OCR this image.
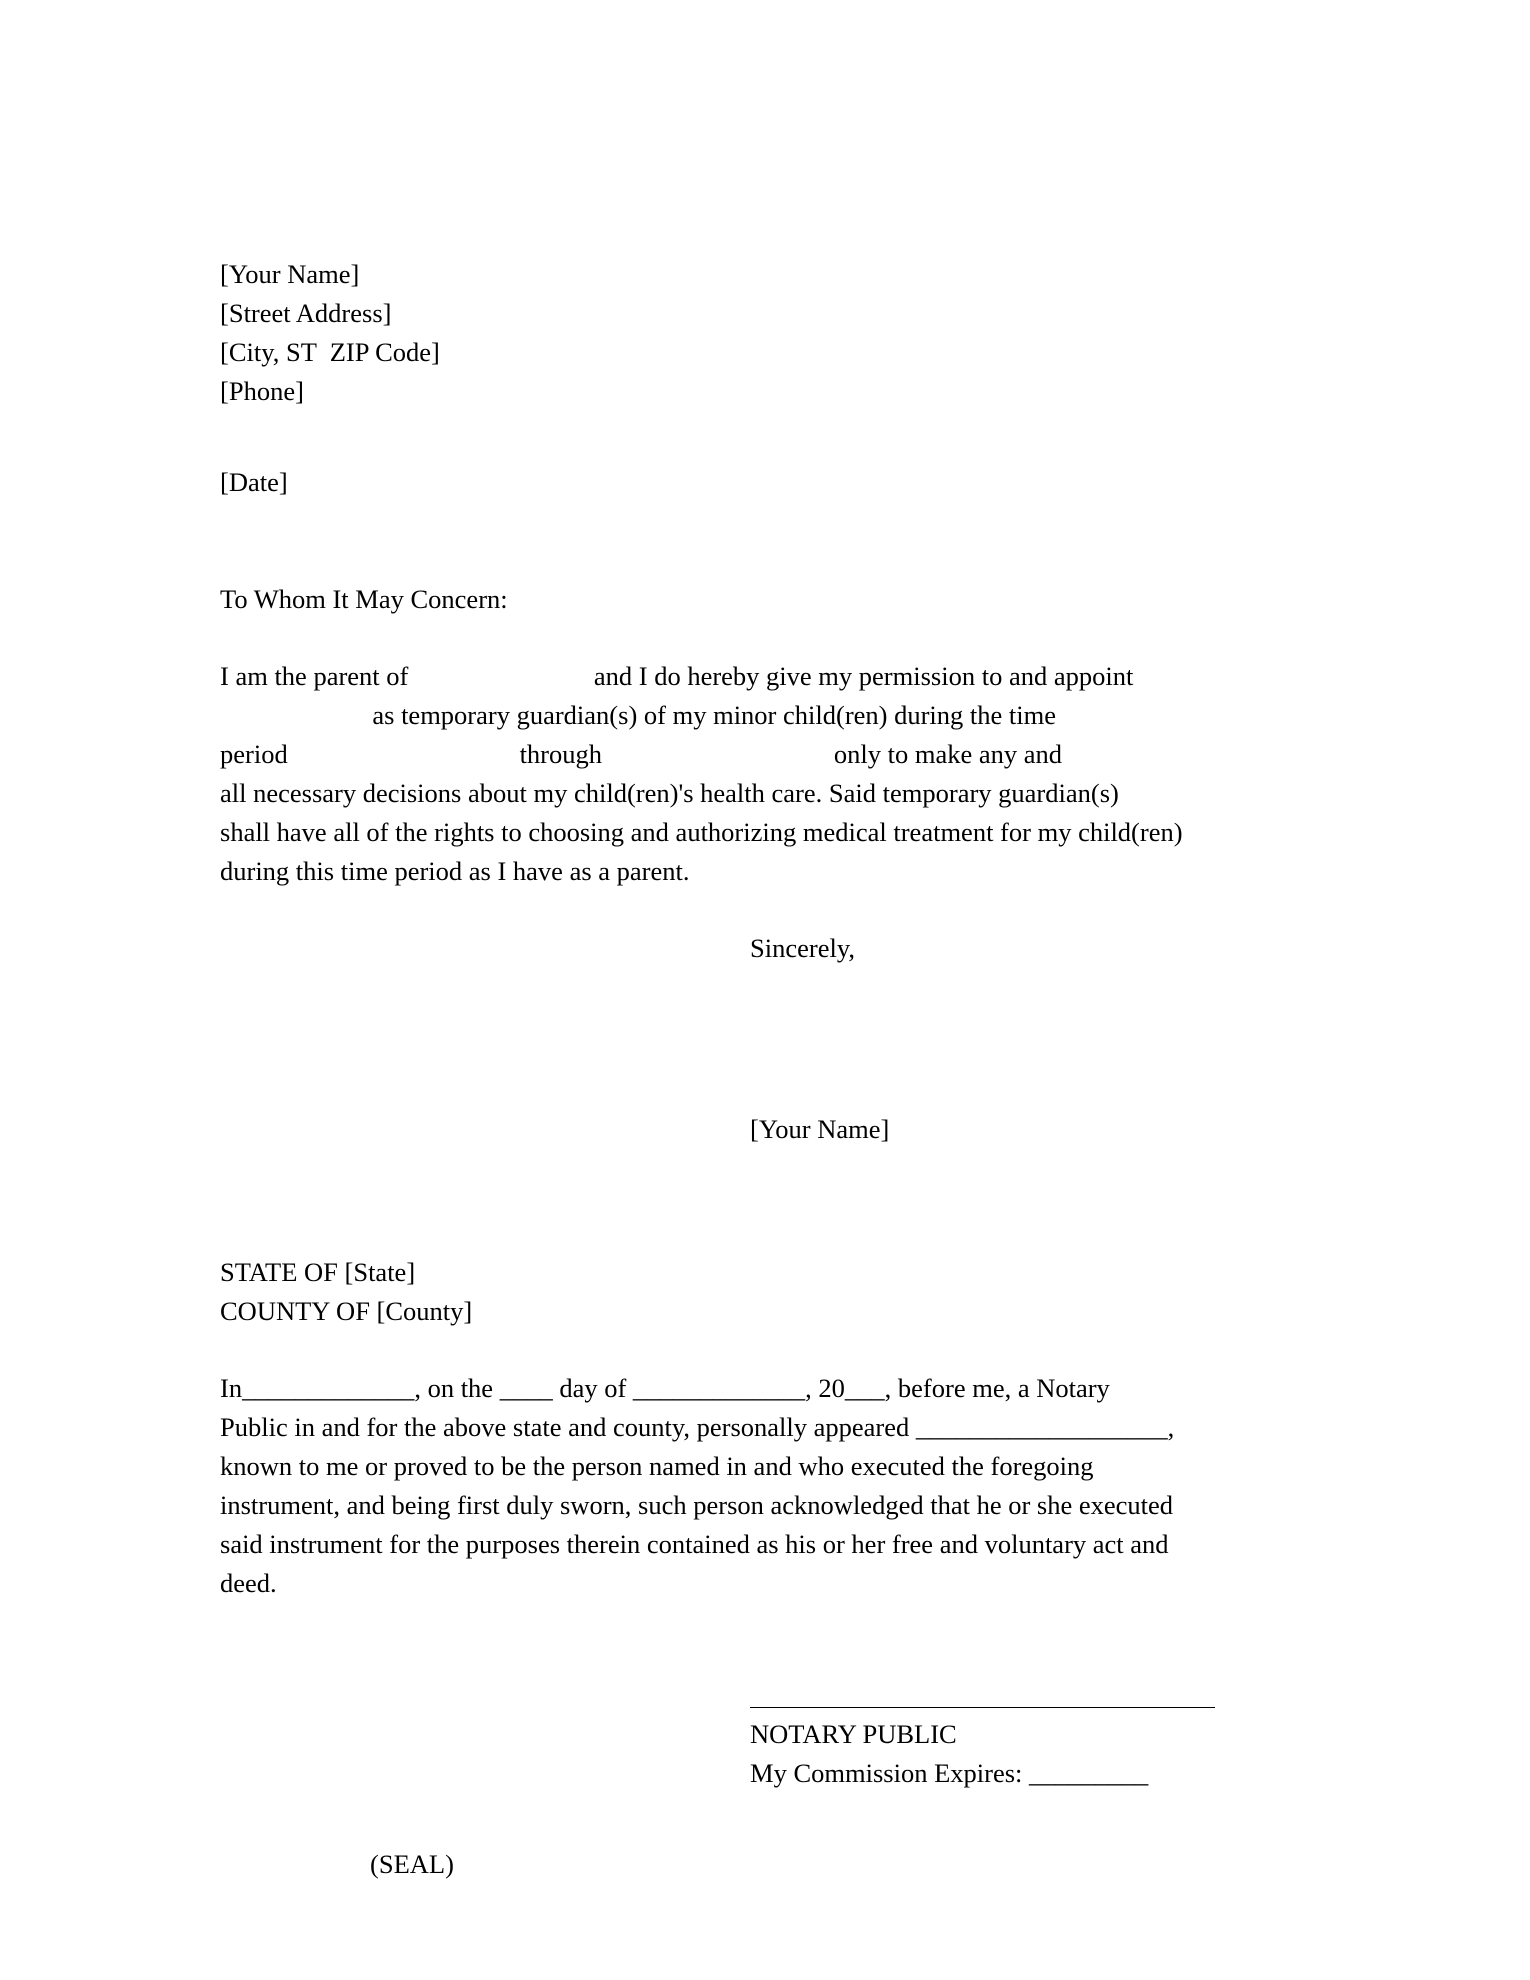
[Your Name]
[Street Address]
[City, ST  ZIP Code]
[Phone]
[Date]
To Whom It May Concern:
I am the parent of                            and I do hereby give my permission to and appoint
as temporary guardian(s) of my minor child(ren) during the time
period                                   through                                   only to make any and
all necessary decisions about my child(ren)'s health care. Said temporary guardian(s)
shall have all of the rights to choosing and authorizing medical treatment for my child(ren)
during this time period as I have as a parent.
Sincerely,
[Your Name]
STATE OF [State]
COUNTY OF [County]
In_____________, on the ____ day of _____________, 20___, before me, a Notary
Public in and for the above state and county, personally appeared ___________________,
known to me or proved to be the person named in and who executed the foregoing
instrument, and being first duly sworn, such person acknowledged that he or she executed
said instrument for the purposes therein contained as his or her free and voluntary act and
deed.
NOTARY PUBLIC
My Commission Expires: _________
(SEAL)
